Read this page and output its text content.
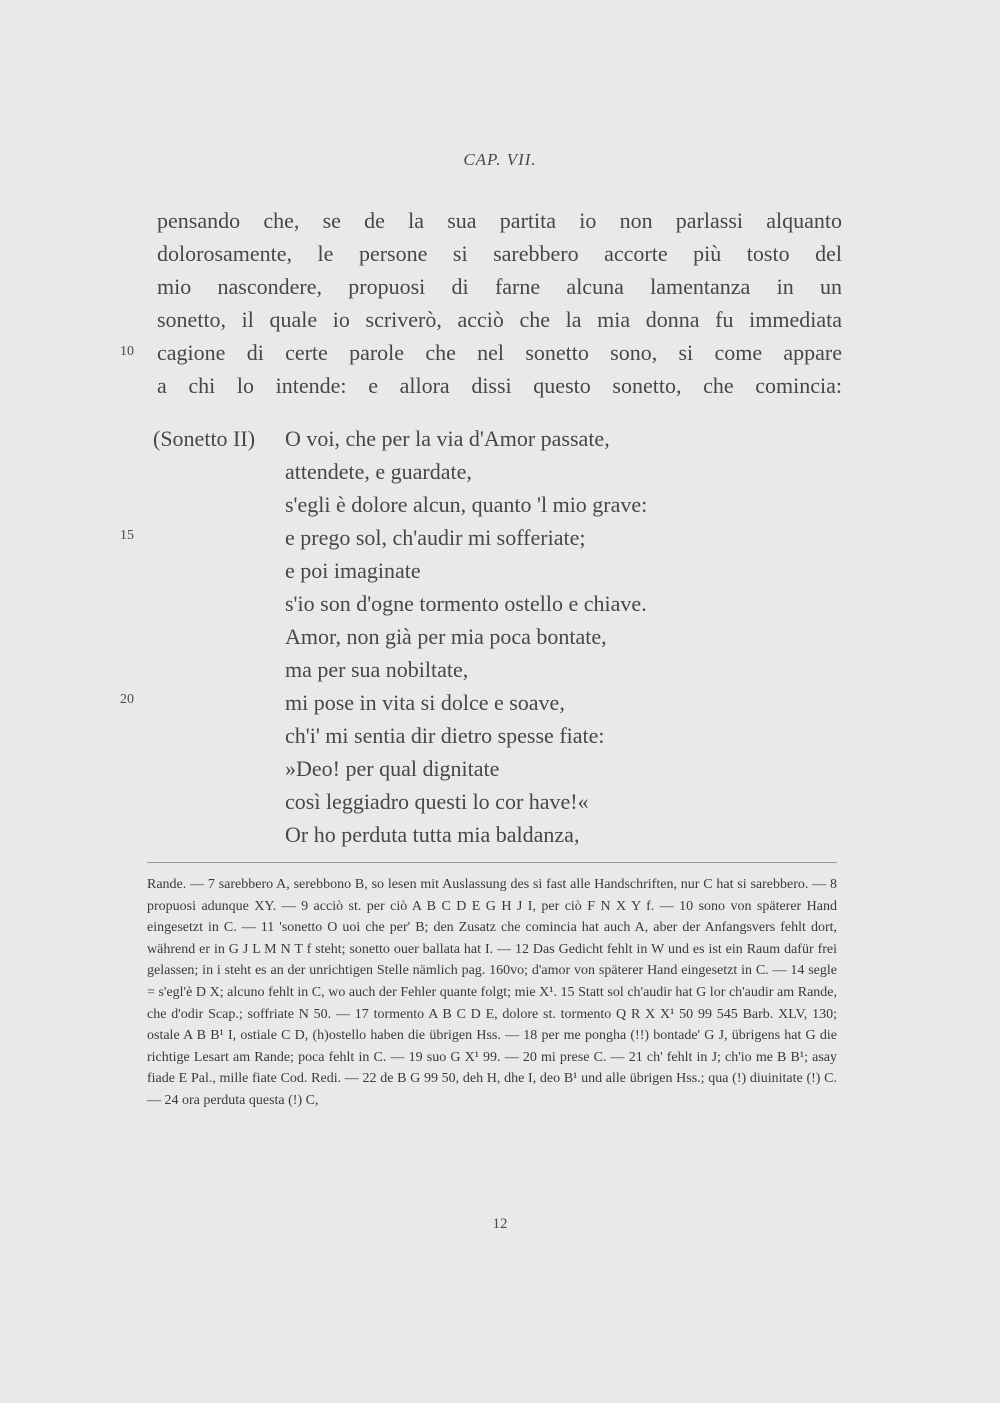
CAP. VII.
pensando che, se de la sua partita io non parlassi alquanto
dolorosamente, le persone si sarebbero accorte più tosto del
mio nascondere, propuosi di farne alcuna lamentanza in un
sonetto, il quale io scriverò, acciò che la mia donna fu immediata
cagione di certe parole che nel sonetto sono, si come appare
a chi lo intende: e allora dissi questo sonetto, che comincia:
10
(Sonetto II) O voi, che per la via d'Amor passate,
attendete, e guardate,
s'egli è dolore alcun, quanto 'l mio grave:
e prego sol, ch'audir mi sofferiate;
e poi imaginate
s'io son d'ogne tormento ostello e chiave.
Amor, non già per mia poca bontate,
ma per sua nobiltate,
mi pose in vita si dolce e soave,
ch'i' mi sentia dir dietro spesse fiate:
»Deo! per qual dignitate
così leggiadro questi lo cor have!«
Or ho perduta tutta mia baldanza,
15
20
Rande. — 7 sarebbero A, serebbono B, so lesen mit Auslassung des si fast alle Handschriften, nur C hat si sarebbero. — 8 propuosi adunque XY. — 9 acciò st. per ciò A B C D E G H J I, per ciò F N X Y f. — 10 sono von späterer Hand eingesetzt in C. — 11 'sonetto O uoi che per' B; den Zusatz che comincia hat auch A, aber der Anfangsvers fehlt dort, während er in G J L M N T f steht; sonetto ouer ballata hat I. — 12 Das Gedicht fehlt in W und es ist ein Raum dafür frei gelassen; in i steht es an der unrichtigen Stelle nämlich pag. 160vo; d'amor von späterer Hand eingesetzt in C. — 14 segle = s'egl'è D X; alcuno fehlt in C, wo auch der Fehler quante folgt; mie X¹. 15 Statt sol ch'audir hat G lor ch'audir am Rande, che d'odir Scap.; soffriate N 50. — 17 tormento A B C D E, dolore st. tormento Q R X X¹ 50 99 545 Barb. XLV, 130; ostale A B B¹ I, ostiale C D, (h)ostello haben die übrigen Hss. — 18 per me pongha (!!) bontade' G J, übrigens hat G die richtige Lesart am Rande; poca fehlt in C. — 19 suo G X¹ 99. — 20 mi prese C. — 21 ch' fehlt in J; ch'io me B B¹; asay fiade E Pal., mille fiate Cod. Redi. — 22 de B G 99 50, deh H, dhe I, deo B¹ und alle übrigen Hss.; qua (!) diuinitate (!) C. — 24 ora perduta questa (!) C,
12
